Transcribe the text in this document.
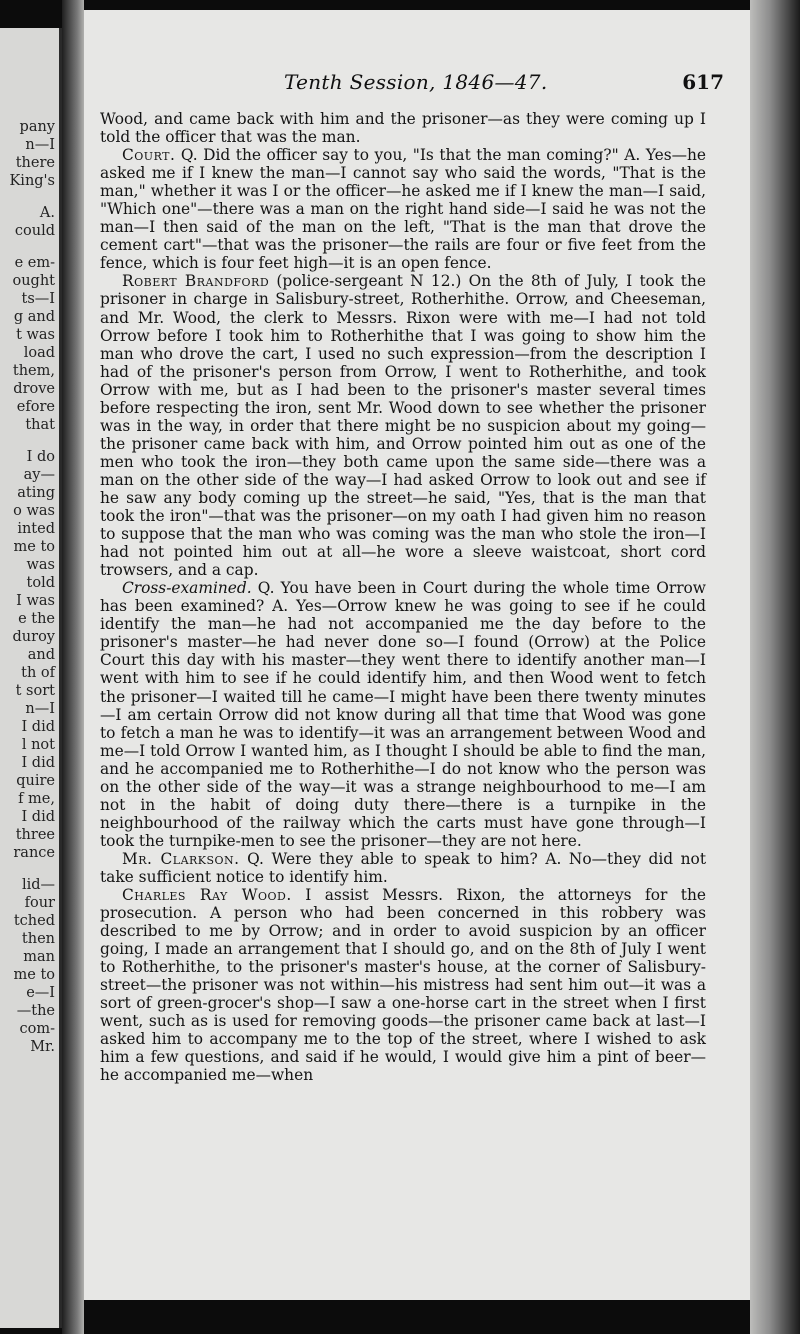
pany
n—I
there
King's
A.
could
e em-
ought
ts—I
g and
t was
load
them,
drove
efore
that
I do
ay—
ating
o was
inted
me to
was
told
I was
e the
duroy
and
th of
t sort
n—I
I did
l not
I did
quire
f me,
I did
three
rance
lid—
four
tched
then
man
me to
e—I
—the
com-
Mr.
Tenth Session, 1846—47.	617

Wood, and came back with him and the prisoner—as they were coming up I told the officer that was the man.

Court. Q. Did the officer say to you, "Is that the man coming?" A. Yes—he asked me if I knew the man—I cannot say who said the words, "That is the man," whether it was I or the officer—he asked me if I knew the man—I said, "Which one"—there was a man on the right hand side—I said he was not the man—I then said of the man on the left, "That is the man that drove the cement cart"—that was the prisoner—the rails are four or five feet from the fence, which is four feet high—it is an open fence.

Robert Brandford (police-sergeant N 12.) On the 8th of July, I took the prisoner in charge in Salisbury-street, Rotherhithe. Orrow, and Cheeseman, and Mr. Wood, the clerk to Messrs. Rixon were with me—I had not told Orrow before I took him to Rotherhithe that I was going to show him the man who drove the cart, I used no such expression—from the description I had of the prisoner's person from Orrow, I went to Rotherhithe, and took Orrow with me, but as I had been to the prisoner's master several times before respecting the iron, sent Mr. Wood down to see whether the prisoner was in the way, in order that there might be no suspicion about my going—the prisoner came back with him, and Orrow pointed him out as one of the men who took the iron—they both came upon the same side—there was a man on the other side of the way—I had asked Orrow to look out and see if he saw any body coming up the street—he said, "Yes, that is the man that took the iron"—that was the prisoner—on my oath I had given him no reason to suppose that the man who was coming was the man who stole the iron—I had not pointed him out at all—he wore a sleeve waistcoat, short cord trowsers, and a cap.

Cross-examined. Q. You have been in Court during the whole time Orrow has been examined? A. Yes—Orrow knew he was going to see if he could identify the man—he had not accompanied me the day before to the prisoner's master—he had never done so—I found (Orrow) at the Police Court this day with his master—they went there to identify another man—I went with him to see if he could identify him, and then Wood went to fetch the prisoner—I waited till he came—I might have been there twenty minutes—I am certain Orrow did not know during all that time that Wood was gone to fetch a man he was to identify—it was an arrangement between Wood and me—I told Orrow I wanted him, as I thought I should be able to find the man, and he accompanied me to Rotherhithe—I do not know who the person was on the other side of the way—it was a strange neighbourhood to me—I am not in the habit of doing duty there—there is a turnpike in the neighbourhood of the railway which the carts must have gone through—I took the turnpike-men to see the prisoner—they are not here.

Mr. Clarkson. Q. Were they able to speak to him? A. No—they did not take sufficient notice to identify him.

Charles Ray Wood. I assist Messrs. Rixon, the attorneys for the prosecution. A person who had been concerned in this robbery was described to me by Orrow; and in order to avoid suspicion by an officer going, I made an arrangement that I should go, and on the 8th of July I went to Rotherhithe, to the prisoner's master's house, at the corner of Salisbury-street—the prisoner was not within—his mistress had sent him out—it was a sort of green-grocer's shop—I saw a one-horse cart in the street when I first went, such as is used for removing goods—the prisoner came back at last—I asked him to accompany me to the top of the street, where I wished to ask him a few questions, and said if he would, I would give him a pint of beer—he accompanied me—when
